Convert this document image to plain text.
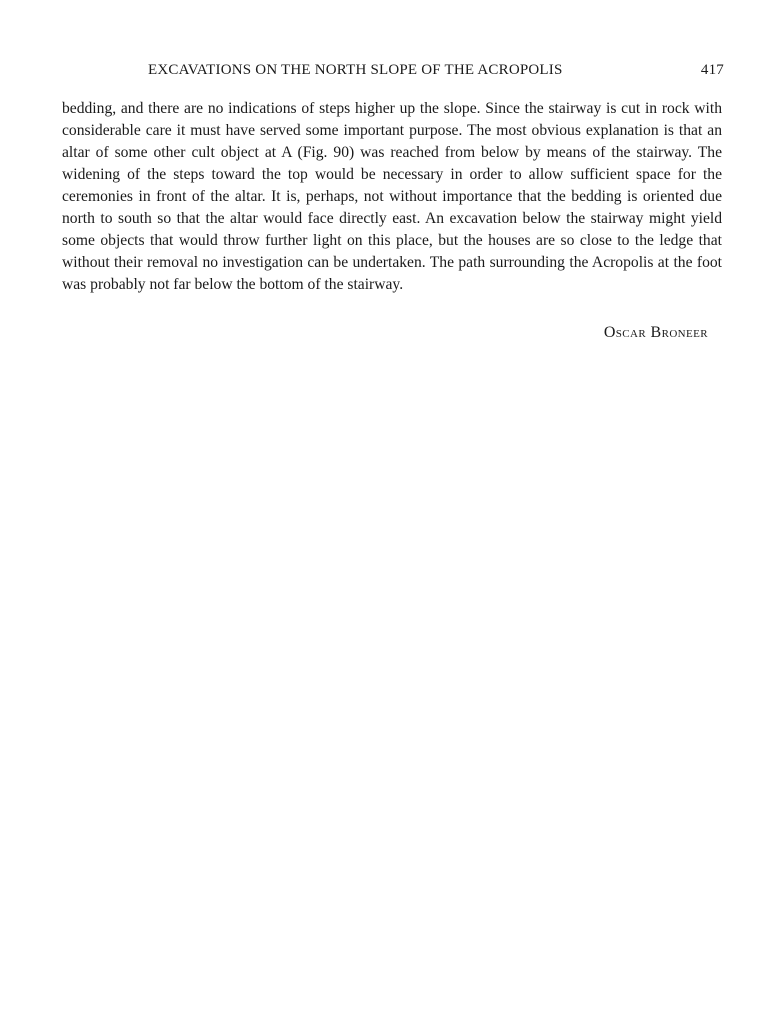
EXCAVATIONS ON THE NORTH SLOPE OF THE ACROPOLIS	417

bedding, and there are no indications of steps higher up the slope. Since the stairway is cut in rock with considerable care it must have served some important purpose. The most obvious explanation is that an altar of some other cult object at A (Fig. 90) was reached from below by means of the stairway. The widening of the steps toward the top would be necessary in order to allow sufficient space for the ceremonies in front of the altar. It is, perhaps, not without importance that the bedding is oriented due north to south so that the altar would face directly east. An excavation below the stairway might yield some objects that would throw further light on this place, but the houses are so close to the ledge that without their removal no investigation can be undertaken. The path surrounding the Acropolis at the foot was probably not far below the bottom of the stairway.

Oscar Broneer
